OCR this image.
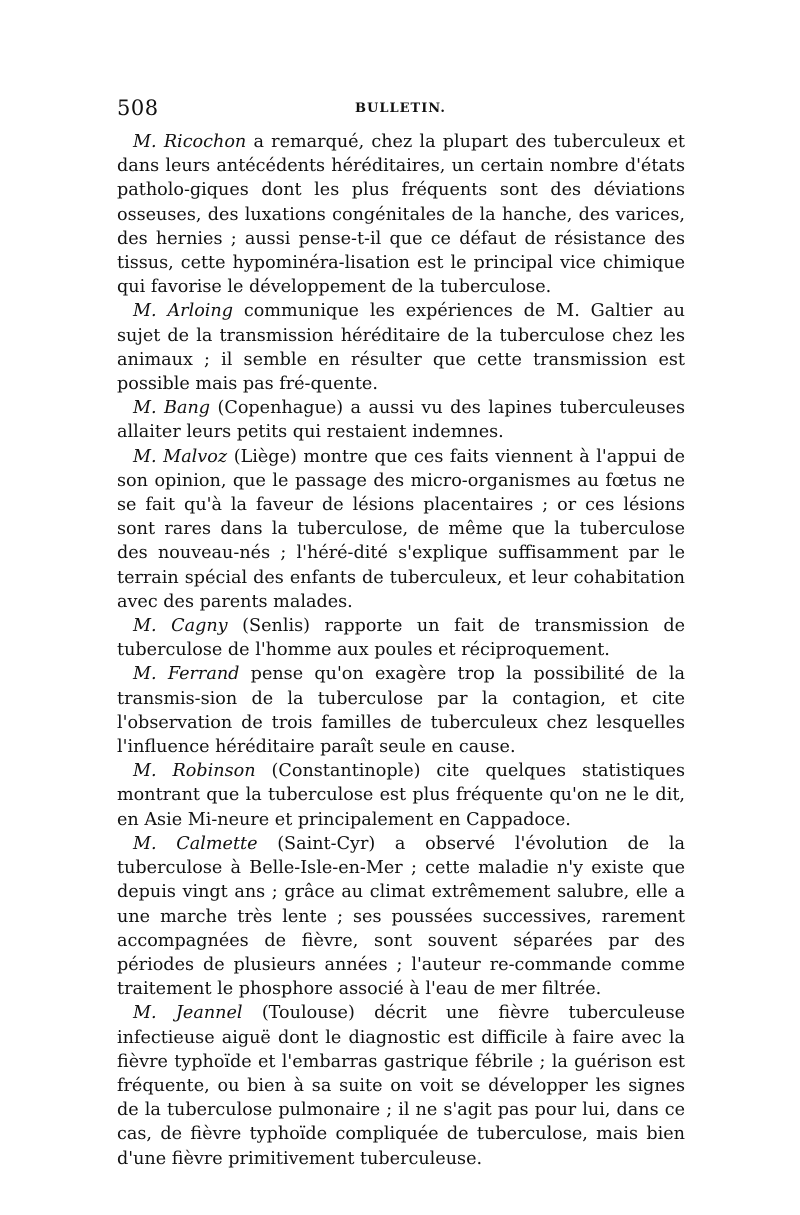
508	BULLETIN.

M. Ricochon a remarqué, chez la plupart des tuberculeux et dans leurs antécédents héréditaires, un certain nombre d'états patholo-giques dont les plus fréquents sont des déviations osseuses, des luxations congénitales de la hanche, des varices, des hernies ; aussi pense-t-il que ce défaut de résistance des tissus, cette hypominéra-lisation est le principal vice chimique qui favorise le développement de la tuberculose.

M. Arloing communique les expériences de M. Galtier au sujet de la transmission héréditaire de la tuberculose chez les animaux ; il semble en résulter que cette transmission est possible mais pas fré-quente.

M. Bang (Copenhague) a aussi vu des lapines tuberculeuses allaiter leurs petits qui restaient indemnes.

M. Malvoz (Liège) montre que ces faits viennent à l'appui de son opinion, que le passage des micro-organismes au fœtus ne se fait qu'à la faveur de lésions placentaires ; or ces lésions sont rares dans la tuberculose, de même que la tuberculose des nouveau-nés ; l'héré-dité s'explique suffisamment par le terrain spécial des enfants de tuberculeux, et leur cohabitation avec des parents malades.

M. Cagny (Senlis) rapporte un fait de transmission de tuberculose de l'homme aux poules et réciproquement.

M. Ferrand pense qu'on exagère trop la possibilité de la transmis-sion de la tuberculose par la contagion, et cite l'observation de trois familles de tuberculeux chez lesquelles l'influence héréditaire paraît seule en cause.

M. Robinson (Constantinople) cite quelques statistiques montrant que la tuberculose est plus fréquente qu'on ne le dit, en Asie Mi-neure et principalement en Cappadoce.

M. Calmette (Saint-Cyr) a observé l'évolution de la tuberculose à Belle-Isle-en-Mer ; cette maladie n'y existe que depuis vingt ans ; grâce au climat extrêmement salubre, elle a une marche très lente ; ses poussées successives, rarement accompagnées de fièvre, sont souvent séparées par des périodes de plusieurs années ; l'auteur re-commande comme traitement le phosphore associé à l'eau de mer filtrée.

M. Jeannel (Toulouse) décrit une fièvre tuberculeuse infectieuse aiguë dont le diagnostic est difficile à faire avec la fièvre typhoïde et l'embarras gastrique fébrile ; la guérison est fréquente, ou bien à sa suite on voit se développer les signes de la tuberculose pulmonaire ; il ne s'agit pas pour lui, dans ce cas, de fièvre typhoïde compliquée de tuberculose, mais bien d'une fièvre primitivement tuberculeuse.
